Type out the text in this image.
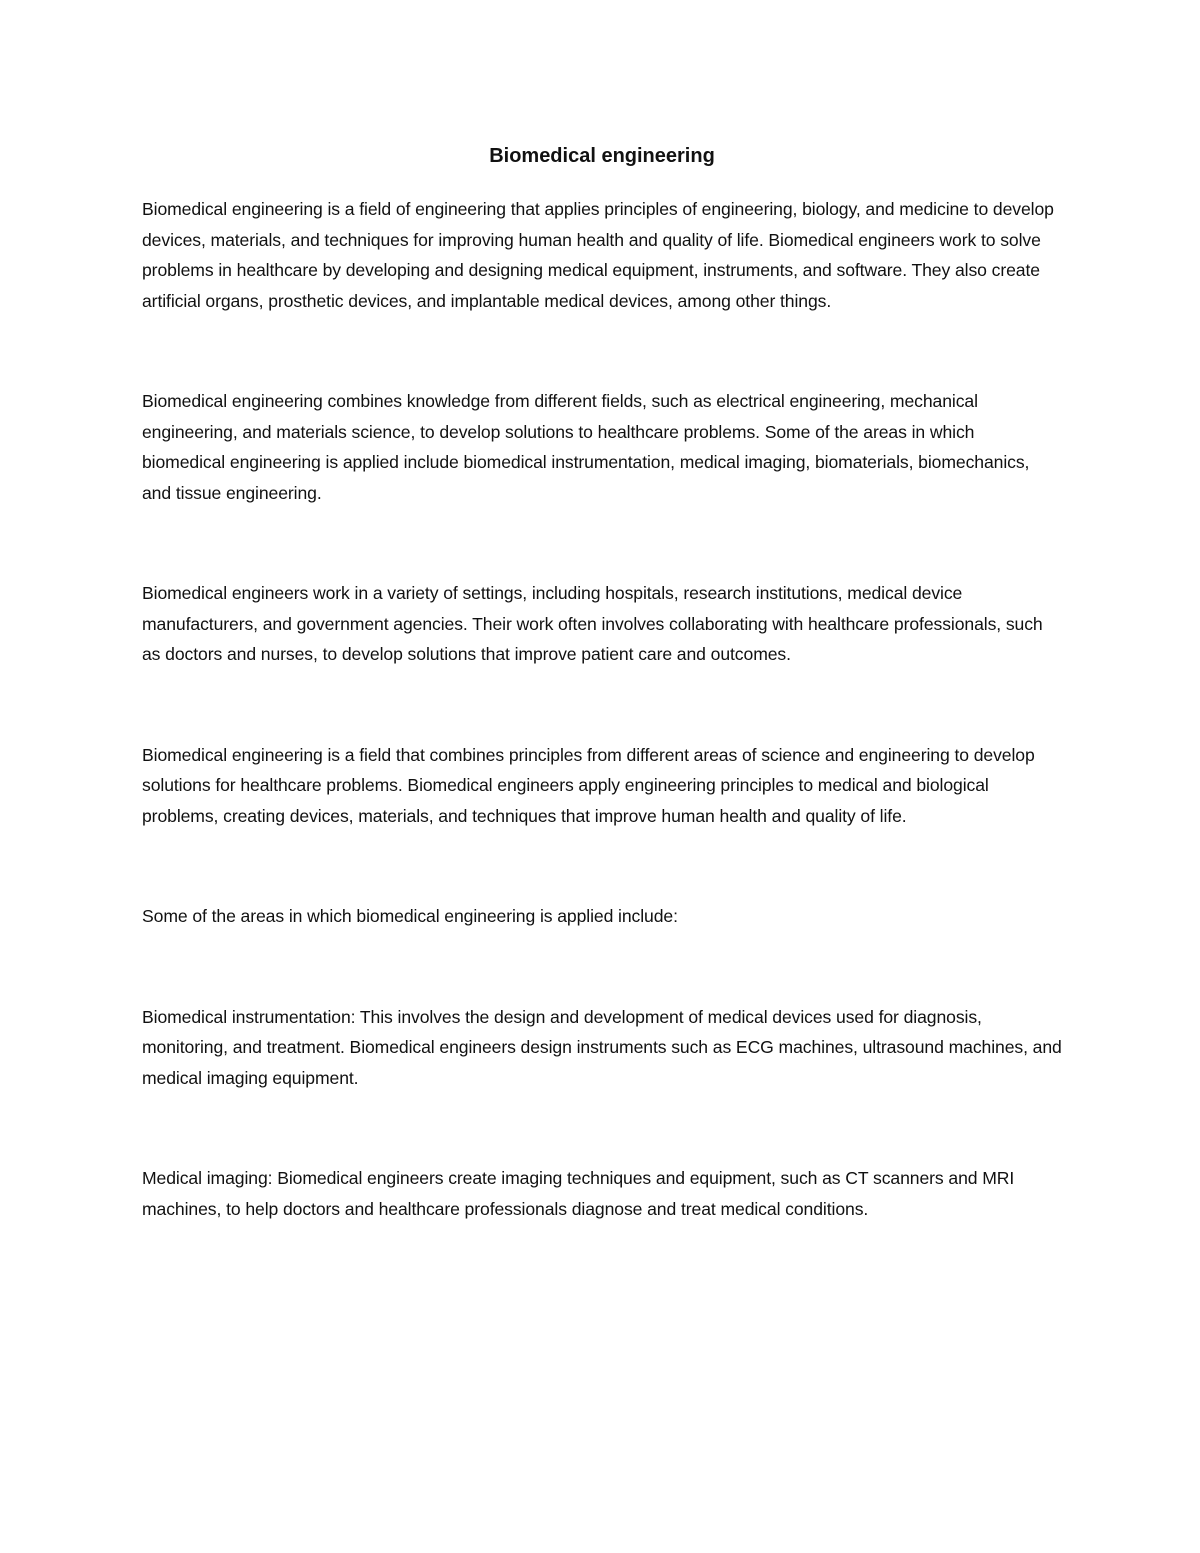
Biomedical engineering

Biomedical engineering is a field of engineering that applies principles of engineering, biology, and medicine to develop devices, materials, and techniques for improving human health and quality of life. Biomedical engineers work to solve problems in healthcare by developing and designing medical equipment, instruments, and software. They also create artificial organs, prosthetic devices, and implantable medical devices, among other things.

Biomedical engineering combines knowledge from different fields, such as electrical engineering, mechanical engineering, and materials science, to develop solutions to healthcare problems. Some of the areas in which biomedical engineering is applied include biomedical instrumentation, medical imaging, biomaterials, biomechanics, and tissue engineering.

Biomedical engineers work in a variety of settings, including hospitals, research institutions, medical device manufacturers, and government agencies. Their work often involves collaborating with healthcare professionals, such as doctors and nurses, to develop solutions that improve patient care and outcomes.

Biomedical engineering is a field that combines principles from different areas of science and engineering to develop solutions for healthcare problems. Biomedical engineers apply engineering principles to medical and biological problems, creating devices, materials, and techniques that improve human health and quality of life.

Some of the areas in which biomedical engineering is applied include:

Biomedical instrumentation: This involves the design and development of medical devices used for diagnosis, monitoring, and treatment. Biomedical engineers design instruments such as ECG machines, ultrasound machines, and medical imaging equipment.

Medical imaging: Biomedical engineers create imaging techniques and equipment, such as CT scanners and MRI machines, to help doctors and healthcare professionals diagnose and treat medical conditions.
